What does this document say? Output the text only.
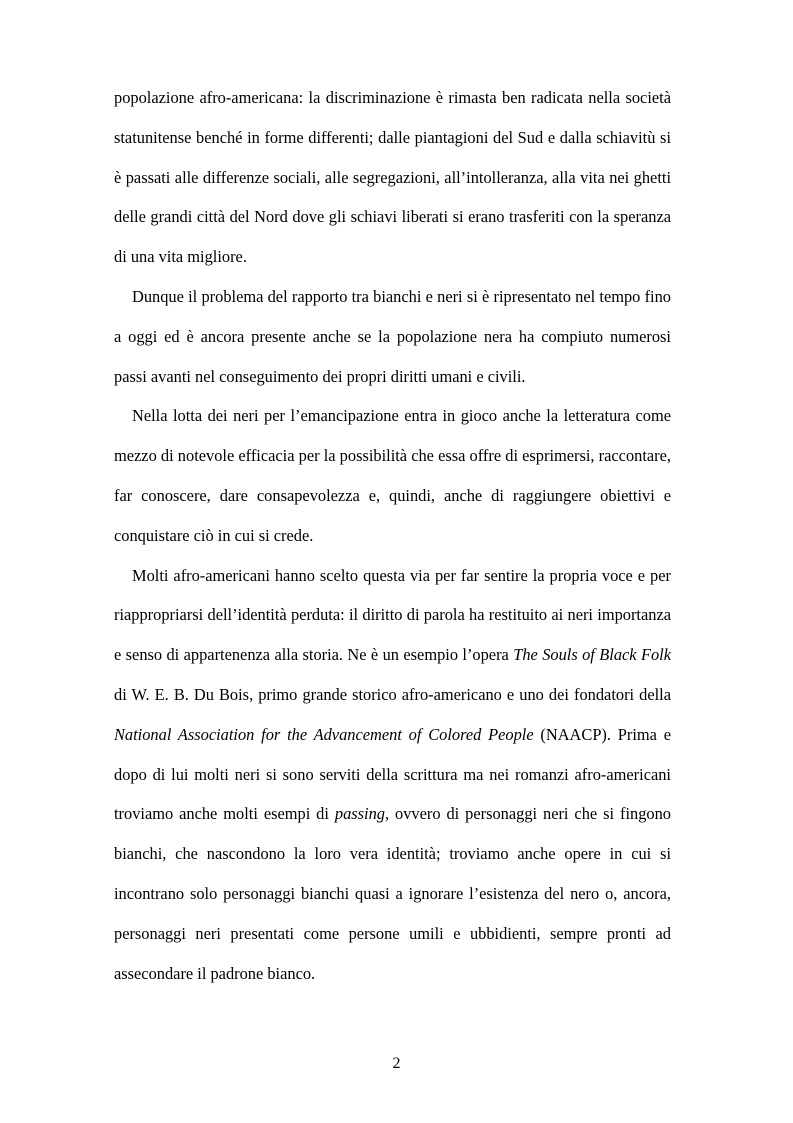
popolazione afro-americana: la discriminazione è rimasta ben radicata nella società statunitense benché in forme differenti; dalle piantagioni del Sud e dalla schiavitù si è passati alle differenze sociali, alle segregazioni, all’intolleranza, alla vita nei ghetti delle grandi città del Nord dove gli schiavi liberati si erano trasferiti con la speranza di una vita migliore.

Dunque il problema del rapporto tra bianchi e neri si è ripresentato nel tempo fino a oggi ed è ancora presente anche se la popolazione nera ha compiuto numerosi passi avanti nel conseguimento dei propri diritti umani e civili.

Nella lotta dei neri per l’emancipazione entra in gioco anche la letteratura come mezzo di notevole efficacia per la possibilità che essa offre di esprimersi, raccontare, far conoscere, dare consapevolezza e, quindi, anche di raggiungere obiettivi e conquistare ciò in cui si crede.

Molti afro-americani hanno scelto questa via per far sentire la propria voce e per riappropriarsi dell’identità perduta: il diritto di parola ha restituito ai neri importanza e senso di appartenenza alla storia. Ne è un esempio l’opera The Souls of Black Folk di W. E. B. Du Bois, primo grande storico afro-americano e uno dei fondatori della National Association for the Advancement of Colored People (NAACP). Prima e dopo di lui molti neri si sono serviti della scrittura ma nei romanzi afro-americani troviamo anche molti esempi di passing, ovvero di personaggi neri che si fingono bianchi, che nascondono la loro vera identità; troviamo anche opere in cui si incontrano solo personaggi bianchi quasi a ignorare l’esistenza del nero o, ancora, personaggi neri presentati come persone umili e ubbidienti, sempre pronti ad assecondare il padrone bianco.

2
